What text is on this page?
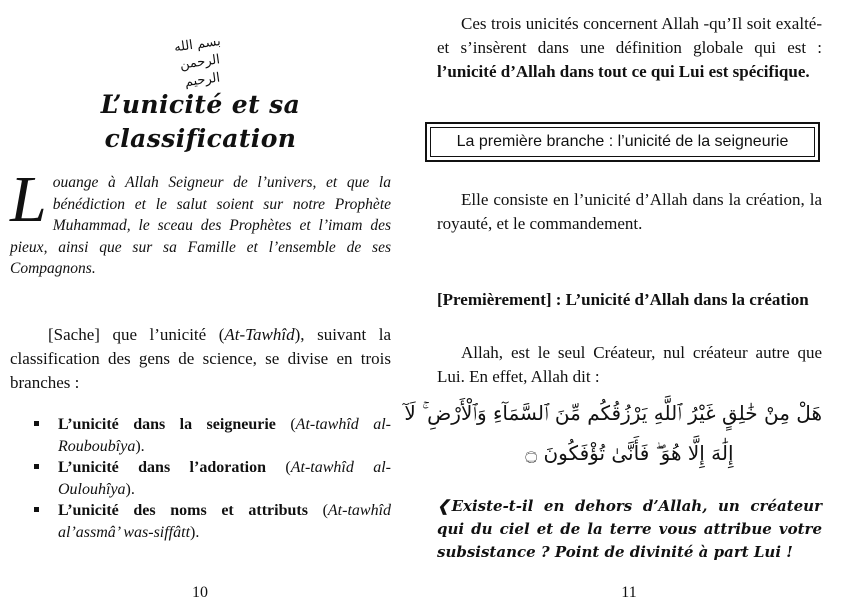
بسم الله الرحمن الرحيم
L’unicité et sa classification

Louange à Allah Seigneur de l’univers, et que la bénédiction et le salut soient sur notre Prophète Muhammad, le sceau des Prophètes et l’imam des pieux, ainsi que sur sa Famille et l’ensemble de ses Compagnons.

[Sache] que l’unicité (At-Tawhîd), suivant la classification des gens de science, se divise en trois branches :

L’unicité dans la seigneurie (At-tawhîd al-Rouboubîya).
L’unicité dans l’adoration (At-tawhîd al-Oulouhîya).
L’unicité des noms et attributs (At-tawhîd al’assmâ’ was-siffâtt).

10

Ces trois unicités concernent Allah -qu’Il soit exalté- et s’insèrent dans une définition globale qui est : l’unicité d’Allah dans tout ce qui Lui est spécifique.

La première branche : l’unicité de la seigneurie

Elle consiste en l’unicité d’Allah dans la création, la royauté, et le commandement.

[Premièrement] : L’unicité d’Allah dans la création

Allah, est le seul Créateur, nul créateur autre que Lui. En effet, Allah dit :

هَلْ مِنْ خَٰلِقٍ غَيْرُ ٱللَّهِ يَرْزُقُكُم مِّنَ ٱلسَّمَآءِ وَٱلْأَرْضِ ۚ لَآ
إِلَٰهَ إِلَّا هُوَ ۖ فَأَنَّىٰ تُؤْفَكُونَ ۝

❮ Existe-t-il en dehors d’Allah, un créateur qui du ciel et de la terre vous attribue votre subsistance ? Point de divinité à part Lui !

11
